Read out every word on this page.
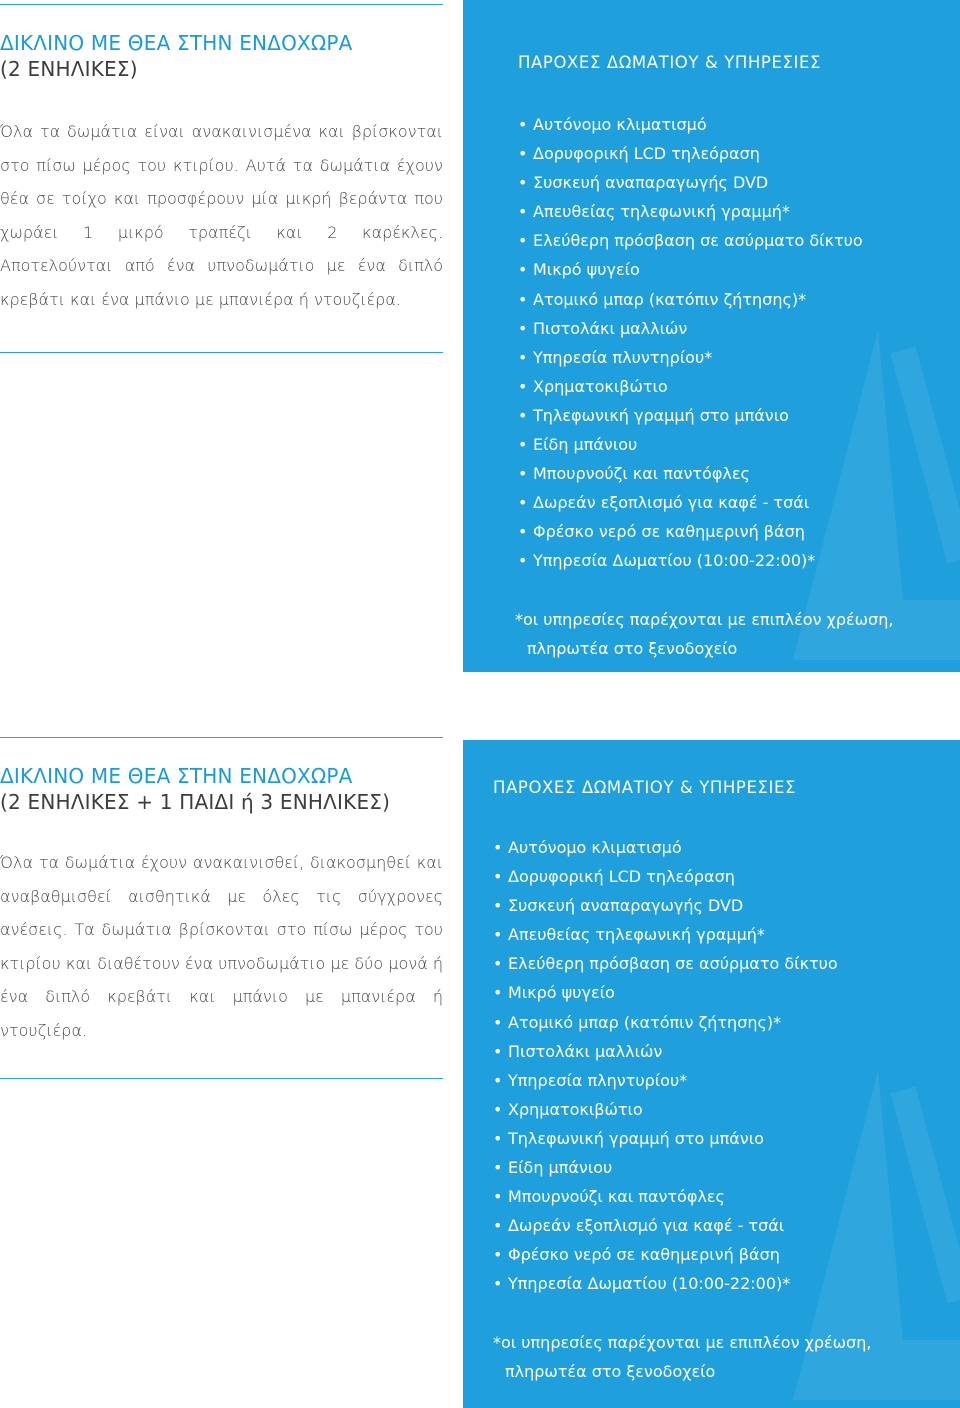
ΔΙΚΛΙΝΟ ΜΕ ΘΕΑ ΣΤΗΝ ΕΝΔΟΧΩΡΑ
(2 ΕΝΗΛΙΚΕΣ)

Όλα τα δωμάτια είναι ανακαινισμένα και βρίσκονται στο πίσω μέρος του κτιρίου. Αυτά τα δωμάτια έχουν θέα σε τοίχο και προσφέρουν μία μικρή βεράντα που χωράει 1 μικρό τραπέζι και 2 καρέκλες. Αποτελούνται από ένα υπνοδωμάτιο με ένα διπλό κρεβάτι και ένα μπάνιο με μπανιέρα ή ντουζιέρα.

ΠΑΡΟΧΕΣ ΔΩΜΑΤΙΟΥ & ΥΠΗΡΕΣΙΕΣ
• Αυτόνομο κλιματισμό
• Δορυφορική LCD τηλεόραση
• Συσκευή αναπαραγωγής DVD
• Απευθείας τηλεφωνική γραμμή*
• Ελεύθερη πρόσβαση σε ασύρματο δίκτυο
• Μικρό ψυγείο
• Ατομικό μπαρ (κατόπιν ζήτησης)*
• Πιστολάκι μαλλιών
• Υπηρεσία πλυντηρίου*
• Χρηματοκιβώτιο
• Τηλεφωνική γραμμή στο μπάνιο
• Είδη μπάνιου
• Μπουρνούζι και παντόφλες
• Δωρεάν εξοπλισμό για καφέ - τσάι
• Φρέσκο νερό σε καθημερινή βάση
• Υπηρεσία Δωματίου (10:00-22:00)*
*οι υπηρεσίες παρέχονται με επιπλέον χρέωση,
πληρωτέα στο ξενοδοχείο
ΔΙΚΛΙΝΟ ΜΕ ΘΕΑ ΣΤΗΝ ΕΝΔΟΧΩΡΑ
(2 ΕΝΗΛΙΚΕΣ + 1 ΠΑΙΔΙ ή 3 ΕΝΗΛΙΚΕΣ)

Όλα τα δωμάτια έχουν ανακαινισθεί, διακοσμηθεί και αναβαθμισθεί αισθητικά με όλες τις σύγχρονες ανέσεις. Τα δωμάτια βρίσκονται στο πίσω μέρος του κτιρίου και διαθέτουν ένα υπνοδωμάτιο με δύο μονά ή ένα διπλό κρεβάτι και μπάνιο με μπανιέρα ή ντουζιέρα.

ΠΑΡΟΧΕΣ ΔΩΜΑΤΙΟΥ & ΥΠΗΡΕΣΙΕΣ
• Αυτόνομο κλιματισμό
• Δορυφορική LCD τηλεόραση
• Συσκευή αναπαραγωγής DVD
• Απευθείας τηλεφωνική γραμμή*
• Ελεύθερη πρόσβαση σε ασύρματο δίκτυο
• Μικρό ψυγείο
• Ατομικό μπαρ (κατόπιν ζήτησης)*
• Πιστολάκι μαλλιών
• Υπηρεσία πληντυρίου*
• Χρηματοκιβώτιο
• Τηλεφωνική γραμμή στο μπάνιο
• Είδη μπάνιου
• Μπουρνούζι και παντόφλες
• Δωρεάν εξοπλισμό για καφέ - τσάι
• Φρέσκο νερό σε καθημερινή βάση
• Υπηρεσία Δωματίου (10:00-22:00)*
*οι υπηρεσίες παρέχονται με επιπλέον χρέωση,
πληρωτέα στο ξενοδοχείο
